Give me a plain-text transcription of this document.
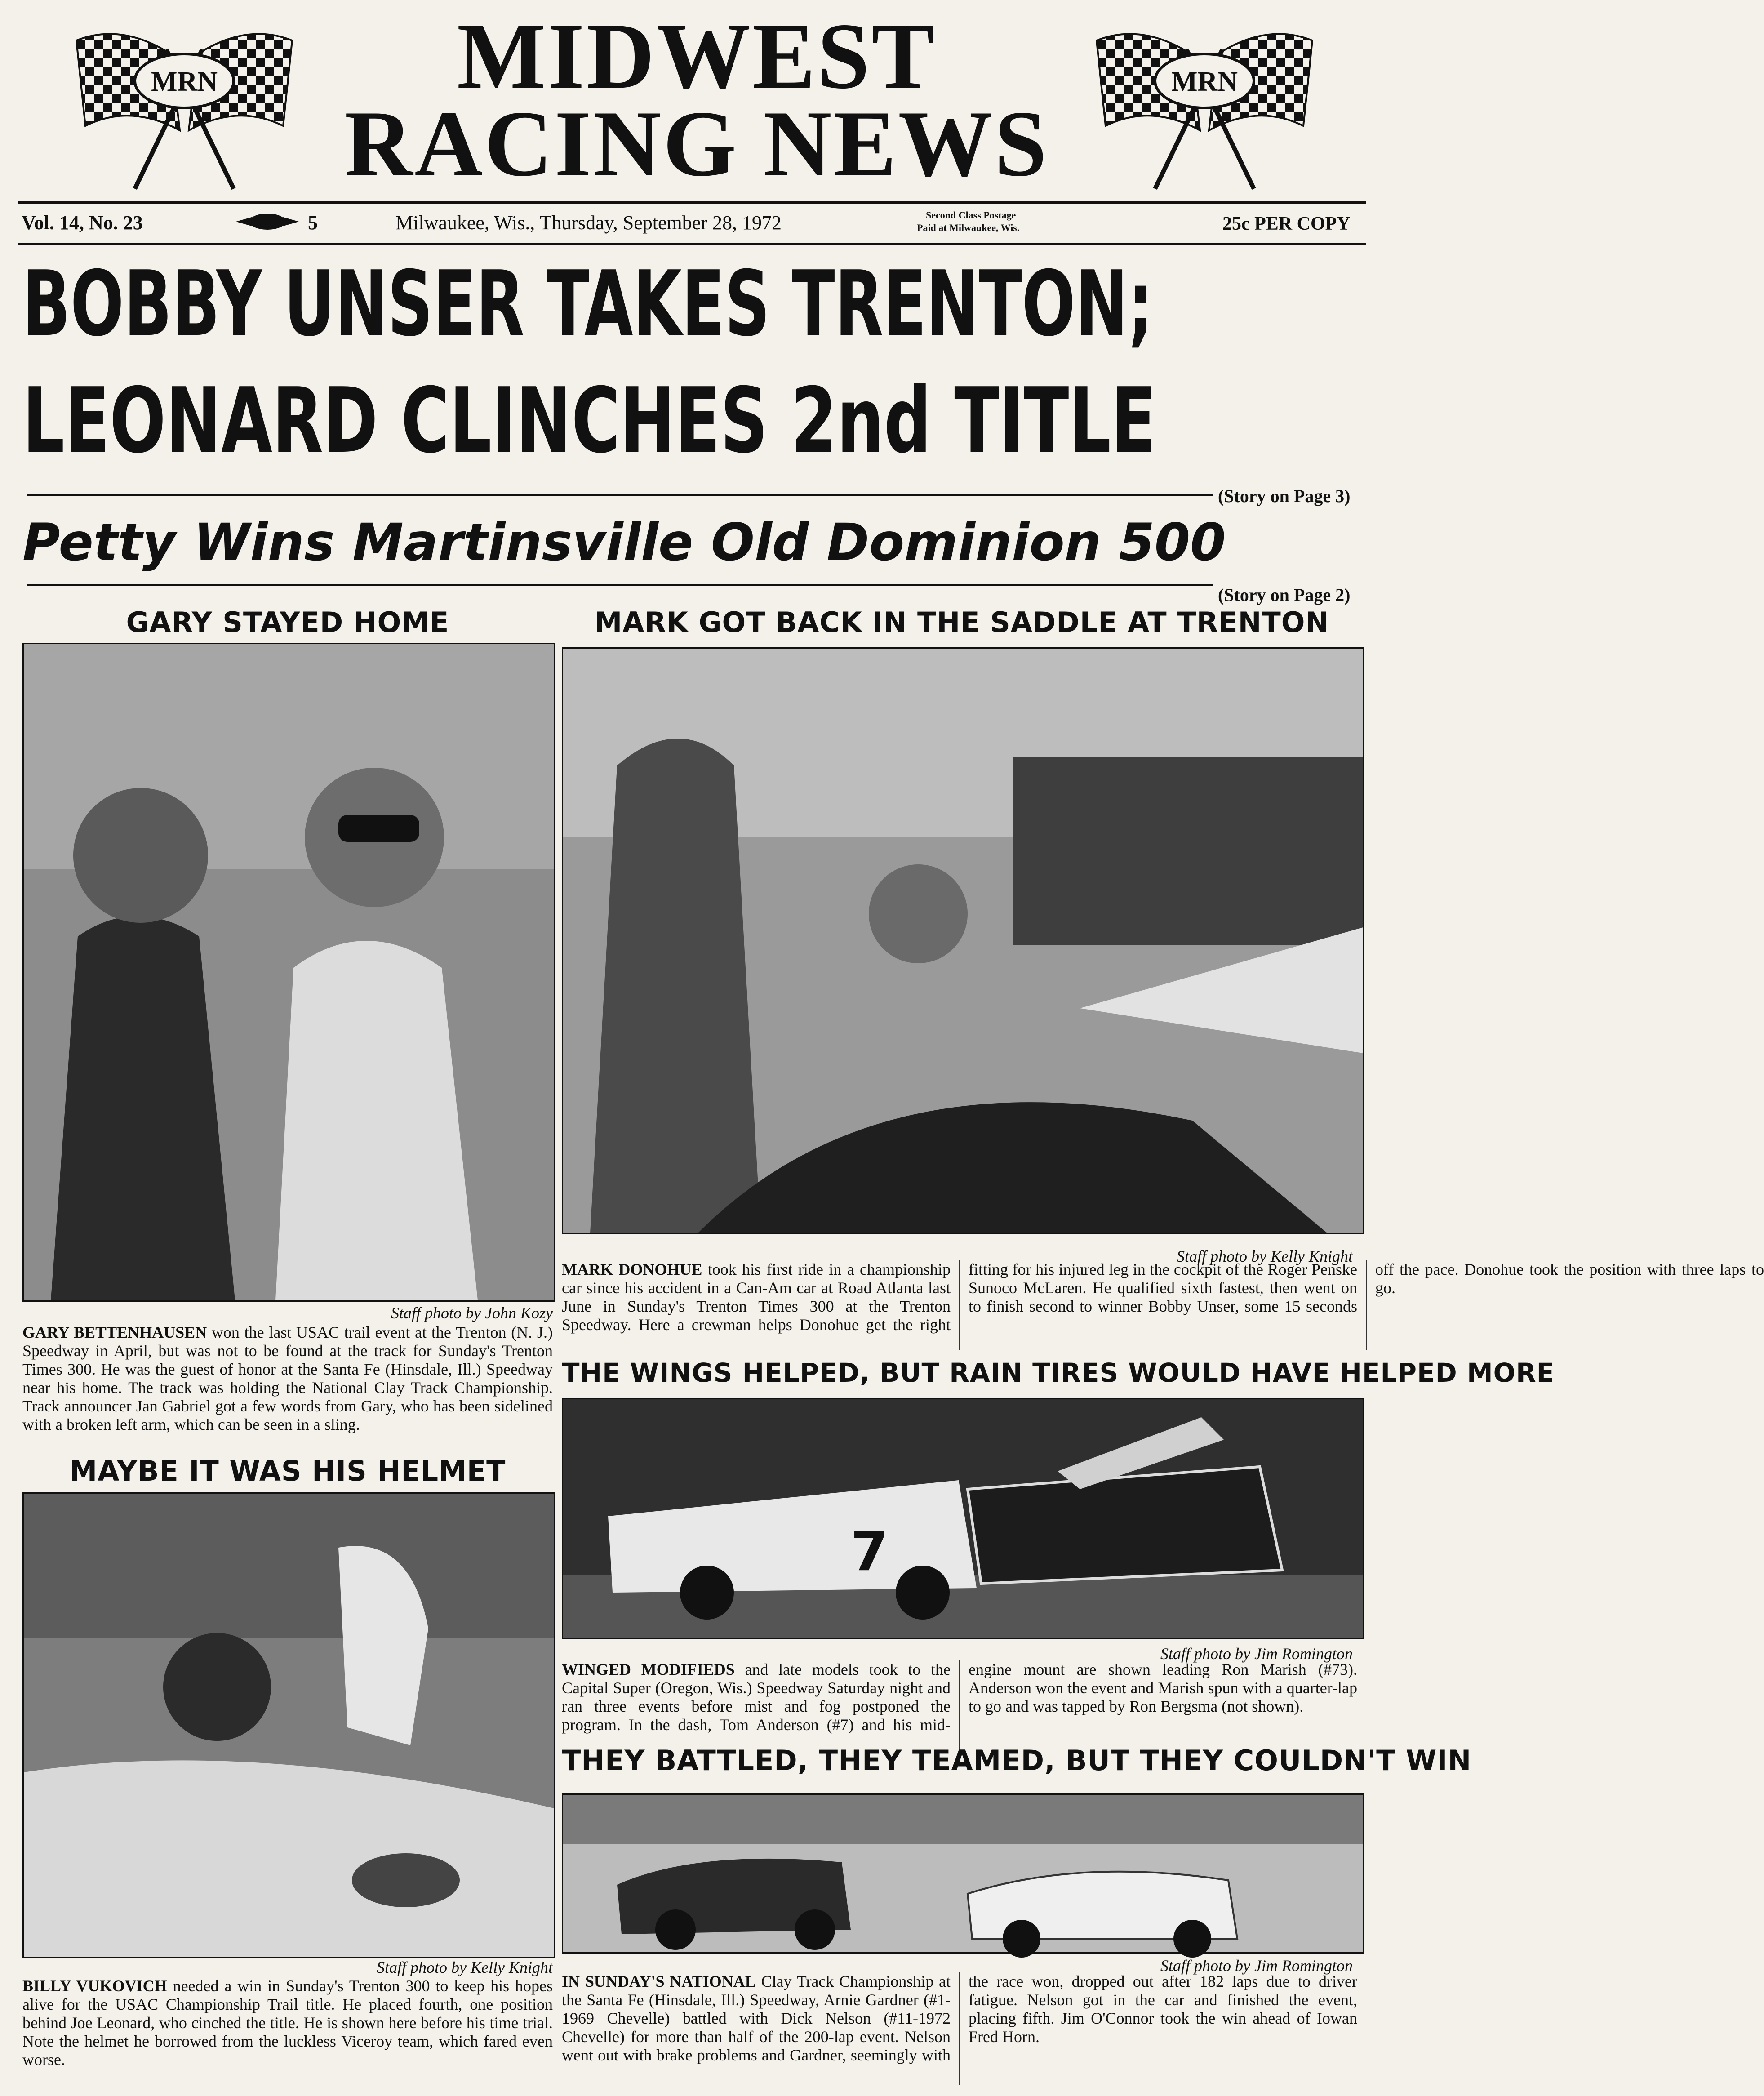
MRN	MRN
MIDWEST
RACING NEWS
Vol. 14, No. 23	5	Milwaukee, Wis., Thursday, September 28, 1972	Second Class Postage
Paid at Milwaukee, Wis.	25c PER COPY
BOBBY UNSER TAKES TRENTON;
LEONARD CLINCHES 2nd TITLE
(Story on Page 3)
Petty Wins Martinsville Old Dominion 500
(Story on Page 2)
GARY STAYED HOME
Staff photo by John Kozy
GARY BETTENHAUSEN won the last USAC trail event at the Trenton (N. J.) Speedway in April, but was not to be found at the track for Sunday's Trenton Times 300. He was the guest of honor at the Santa Fe (Hinsdale, Ill.) Speedway near his home. The track was holding the National Clay Track Championship. Track announcer Jan Gabriel got a few words from Gary, who has been sidelined with a broken left arm, which can be seen in a sling.
MAYBE IT WAS HIS HELMET
Staff photo by Kelly Knight
BILLY VUKOVICH needed a win in Sunday's Trenton 300 to keep his hopes alive for the USAC Championship Trail title. He placed fourth, one position behind Joe Leonard, who cinched the title. He is shown here before his time trial. Note the helmet he borrowed from the luckless Viceroy team, which fared even worse.
MARK GOT BACK IN THE SADDLE AT TRENTON
Staff photo by Kelly Knight
MARK DONOHUE took his first ride in a championship car since his accident in a Can-Am car at Road Atlanta last June in Sunday's Trenton Times 300 at the Trenton Speedway. Here a crewman helps Donohue get the right fitting for his injured leg in the cockpit of the Roger Penske Sunoco McLaren. He qualified sixth fastest, then went on to finish second to winner Bobby Unser, some 15 seconds off the pace. Donohue took the position with three laps to go.
THE WINGS HELPED, BUT RAIN TIRES WOULD HAVE HELPED MORE
7
Staff photo by Jim Romington
WINGED MODIFIEDS and late models took to the Capital Super (Oregon, Wis.) Speedway Saturday night and ran three events before mist and fog postponed the program. In the dash, Tom Anderson (#7) and his mid-engine mount are shown leading Ron Marish (#73). Anderson won the event and Marish spun with a quarter-lap to go and was tapped by Ron Bergsma (not shown).
THEY BATTLED, THEY TEAMED, BUT THEY COULDN'T WIN
Staff photo by Jim Romington
IN SUNDAY'S NATIONAL Clay Track Championship at the Santa Fe (Hinsdale, Ill.) Speedway, Arnie Gardner (#1-1969 Chevelle) battled with Dick Nelson (#11-1972 Chevelle) for more than half of the 200-lap event. Nelson went out with brake problems and Gardner, seemingly with the race won, dropped out after 182 laps due to driver fatigue. Nelson got in the car and finished the event, placing fifth. Jim O'Connor took the win ahead of Iowan Fred Horn.
